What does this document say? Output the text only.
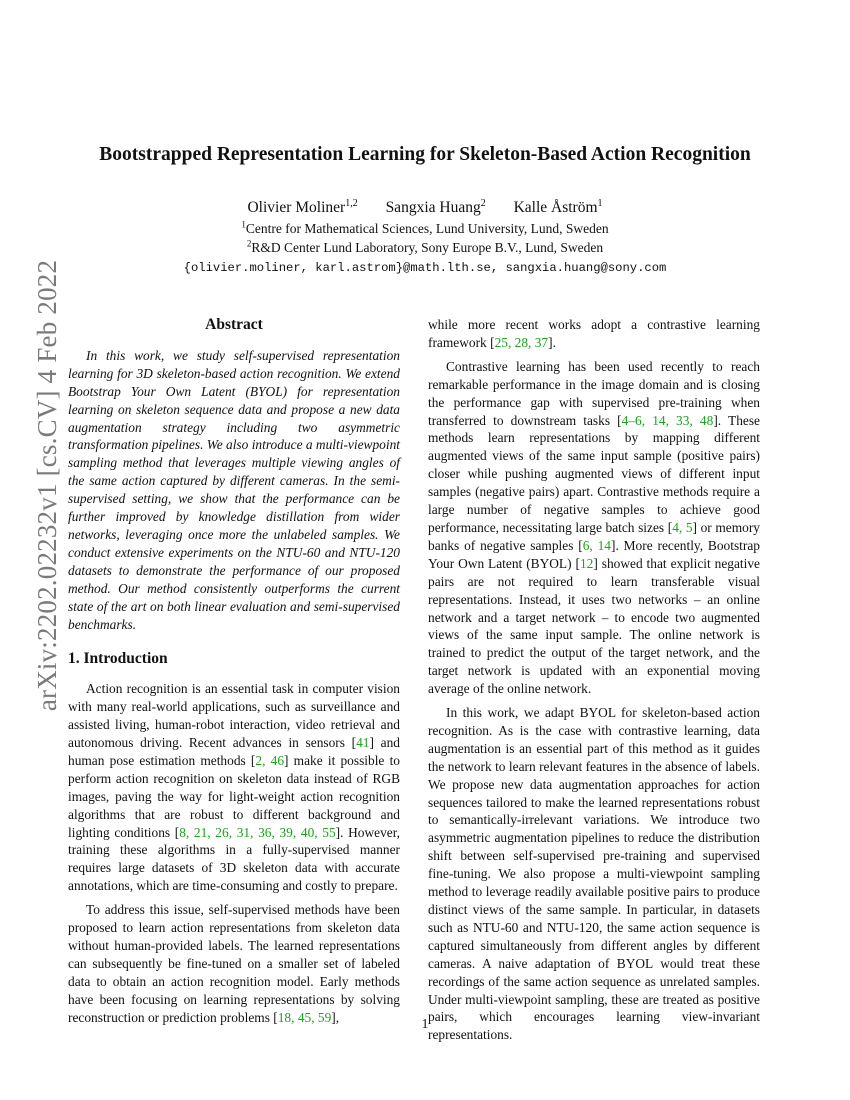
arXiv:2202.02232v1 [cs.CV] 4 Feb 2022
Bootstrapped Representation Learning for Skeleton-Based Action Recognition
Olivier Moliner$^{1,2}$ Sangxia Huang$^2$ Kalle Åström$^1$
$^1$Centre for Mathematical Sciences, Lund University, Lund, Sweden
$^2$R&D Center Lund Laboratory, Sony Europe B.V., Lund, Sweden
{olivier.moliner, karl.astrom}@math.lth.se, sangxia.huang@sony.com
Abstract

In this work, we study self-supervised representation learning for 3D skeleton-based action recognition. We extend Bootstrap Your Own Latent (BYOL) for representation learning on skeleton sequence data and propose a new data augmentation strategy including two asymmetric transformation pipelines. We also introduce a multi-viewpoint sampling method that leverages multiple viewing angles of the same action captured by different cameras. In the semi-supervised setting, we show that the performance can be further improved by knowledge distillation from wider networks, leveraging once more the unlabeled samples. We conduct extensive experiments on the NTU-60 and NTU-120 datasets to demonstrate the performance of our proposed method. Our method consistently outperforms the current state of the art on both linear evaluation and semi-supervised benchmarks.

1. Introduction

Action recognition is an essential task in computer vision with many real-world applications, such as surveillance and assisted living, human-robot interaction, video retrieval and autonomous driving. Recent advances in sensors [41] and human pose estimation methods [2, 46] make it possible to perform action recognition on skeleton data instead of RGB images, paving the way for light-weight action recognition algorithms that are robust to different background and lighting conditions [8, 21, 26, 31, 36, 39, 40, 55]. However, training these algorithms in a fully-supervised manner requires large datasets of 3D skeleton data with accurate annotations, which are time-consuming and costly to prepare.

To address this issue, self-supervised methods have been proposed to learn action representations from skeleton data without human-provided labels. The learned representations can subsequently be fine-tuned on a smaller set of labeled data to obtain an action recognition model. Early methods have been focusing on learning representations by solving reconstruction or prediction problems [18, 45, 59],

while more recent works adopt a contrastive learning framework [25, 28, 37].

Contrastive learning has been used recently to reach remarkable performance in the image domain and is closing the performance gap with supervised pre-training when transferred to downstream tasks [4–6, 14, 33, 48]. These methods learn representations by mapping different augmented views of the same input sample (positive pairs) closer while pushing augmented views of different input samples (negative pairs) apart. Contrastive methods require a large number of negative samples to achieve good performance, necessitating large batch sizes [4, 5] or memory banks of negative samples [6, 14]. More recently, Bootstrap Your Own Latent (BYOL) [12] showed that explicit negative pairs are not required to learn transferable visual representations. Instead, it uses two networks – an online network and a target network – to encode two augmented views of the same input sample. The online network is trained to predict the output of the target network, and the target network is updated with an exponential moving average of the online network.

In this work, we adapt BYOL for skeleton-based action recognition. As is the case with contrastive learning, data augmentation is an essential part of this method as it guides the network to learn relevant features in the absence of labels. We propose new data augmentation approaches for action sequences tailored to make the learned representations robust to semantically-irrelevant variations. We introduce two asymmetric augmentation pipelines to reduce the distribution shift between self-supervised pre-training and supervised fine-tuning. We also propose a multi-viewpoint sampling method to leverage readily available positive pairs to produce distinct views of the same sample. In particular, in datasets such as NTU-60 and NTU-120, the same action sequence is captured simultaneously from different angles by different cameras. A naive adaptation of BYOL would treat these recordings of the same action sequence as unrelated samples. Under multi-viewpoint sampling, these are treated as positive pairs, which encourages learning view-invariant representations.

1
